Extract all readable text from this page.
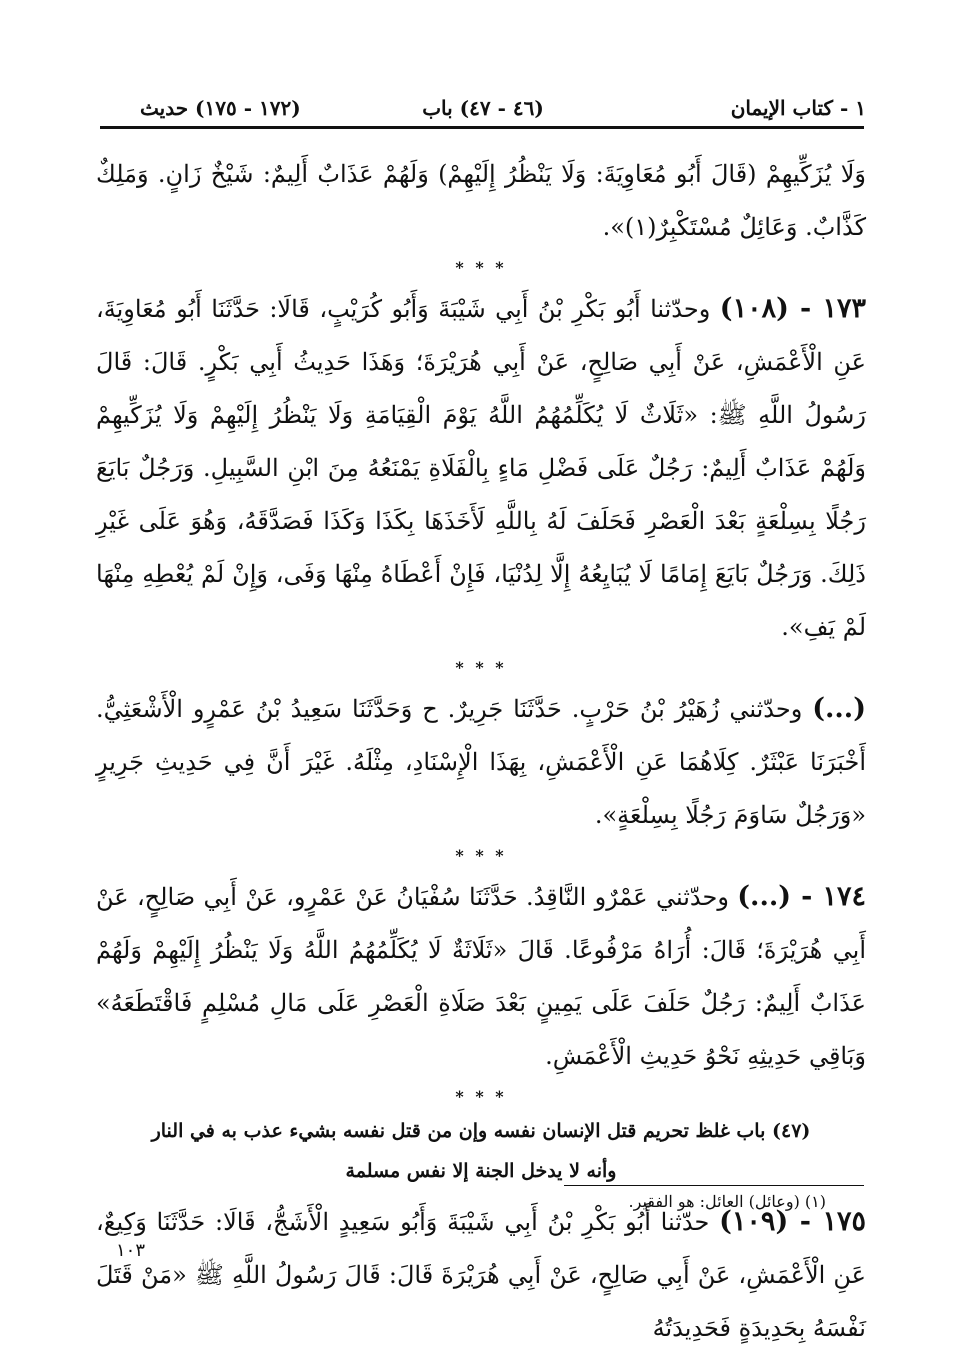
١ - كتاب الإيمان
(٤٦ - ٤٧) باب
(١٧٢ - ١٧٥) حديث

وَلَا يُزَكِّيهِمْ (قَالَ أَبُو مُعَاوِيَةَ: وَلَا يَنْظُرُ إِلَيْهِمْ) وَلَهُمْ عَذَابٌ أَلِيمٌ: شَيْخٌ زَانٍ. وَمَلِكٌ كَذَّابٌ. وَعَائِلٌ مُسْتَكْبِرٌ(١)».

* * *

١٧٣ - (١٠٨) وحدّثنا أَبُو بَكْرِ بْنُ أَبِي شَيْبَةَ وَأَبُو كُرَيْبٍ، قَالَا: حَدَّثَنَا أَبُو مُعَاوِيَةَ، عَنِ الْأَعْمَشِ، عَنْ أَبِي صَالِحٍ، عَنْ أَبِي هُرَيْرَةَ؛ وَهَذَا حَدِيثُ أَبِي بَكْرٍ. قَالَ: قَالَ رَسُولُ اللَّهِ ﷺ: «ثَلَاثٌ لَا يُكَلِّمُهُمُ اللَّهُ يَوْمَ الْقِيَامَةِ وَلَا يَنْظُرُ إِلَيْهِمْ وَلَا يُزَكِّيهِمْ وَلَهُمْ عَذَابٌ أَلِيمٌ: رَجُلٌ عَلَى فَضْلِ مَاءٍ بِالْفَلَاةِ يَمْنَعُهُ مِنَ ابْنِ السَّبِيلِ. وَرَجُلٌ بَايَعَ رَجُلًا بِسِلْعَةٍ بَعْدَ الْعَصْرِ فَحَلَفَ لَهُ بِاللَّهِ لَأَخَذَهَا بِكَذَا وَكَذَا فَصَدَّقَهُ، وَهُوَ عَلَى غَيْرِ ذَلِكَ. وَرَجُلٌ بَايَعَ إِمَامًا لَا يُبَايِعُهُ إِلَّا لِدُنْيَا، فَإِنْ أَعْطَاهُ مِنْهَا وَفَى، وَإِنْ لَمْ يُعْطِهِ مِنْهَا لَمْ يَفِ».

* * *

(...) وحدّثني زُهَيْرُ بْنُ حَرْبٍ. حَدَّثَنَا جَرِيرٌ. ح وَحَدَّثَنَا سَعِيدُ بْنُ عَمْرٍو الْأَشْعَثِيُّ. أَخْبَرَنَا عَبْثَرٌ. كِلَاهُمَا عَنِ الْأَعْمَشِ، بِهَذَا الْإِسْنَادِ، مِثْلَهُ. غَيْرَ أَنَّ فِي حَدِيثِ جَرِيرٍ «وَرَجُلٌ سَاوَمَ رَجُلًا بِسِلْعَةٍ».

* * *

١٧٤ - (...) وحدّثني عَمْرٌو النَّاقِدُ. حَدَّثَنَا سُفْيَانُ عَنْ عَمْرٍو، عَنْ أَبِي صَالِحٍ، عَنْ أَبِي هُرَيْرَةَ؛ قَالَ: أُرَاهُ مَرْفُوعًا. قَالَ «ثَلَاثَةٌ لَا يُكَلِّمُهُمُ اللَّهُ وَلَا يَنْظُرُ إِلَيْهِمْ وَلَهُمْ عَذَابٌ أَلِيمٌ: رَجُلٌ حَلَفَ عَلَى يَمِينٍ بَعْدَ صَلَاةِ الْعَصْرِ عَلَى مَالِ مُسْلِمٍ فَاقْتَطَعَهُ» وَبَاقِي حَدِيثِهِ نَحْوُ حَدِيثِ الْأَعْمَشِ.

* * *
(٤٧) باب غلظ تحريم قتل الإنسان نفسه وإن من قتل نفسه بشيء عذب به في النار
وأنه لا يدخل الجنة إلا نفس مسلمة

١٧٥ - (١٠٩) حدّثنا أَبُو بَكْرِ بْنُ أَبِي شَيْبَةَ وَأَبُو سَعِيدٍ الْأَشَجُّ، قَالَا: حَدَّثَنَا وَكِيعٌ، عَنِ الْأَعْمَشِ، عَنْ أَبِي صَالِحٍ، عَنْ أَبِي هُرَيْرَةَ قَالَ: قَالَ رَسُولُ اللَّهِ ﷺ «مَنْ قَتَلَ نَفْسَهُ بِحَدِيدَةٍ فَحَدِيدَتُهُ

(١) (وعائل) العائل: هو الفقير.
١٠٣
